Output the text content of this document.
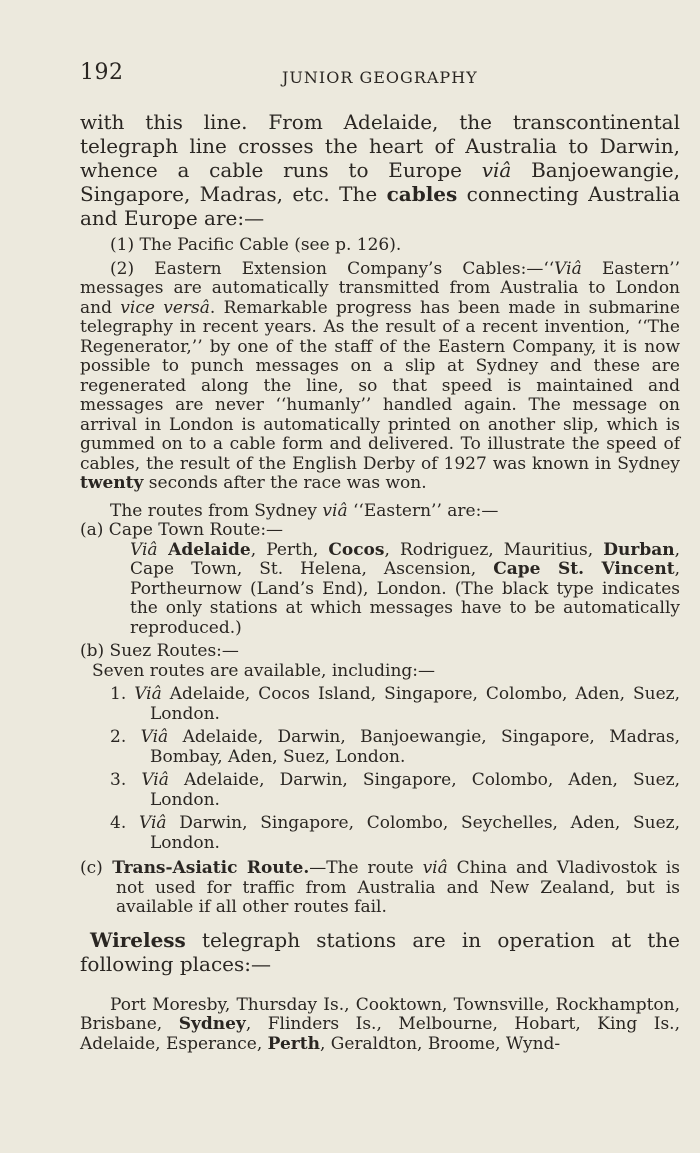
192	JUNIOR GEOGRAPHY

with this line. From Adelaide, the transcontinental telegraph line crosses the heart of Australia to Darwin, whence a cable runs to Europe viâ Banjoewangie, Singapore, Madras, etc. The cables connecting Australia and Europe are:—

(1) The Pacific Cable (see p. 126).

(2) Eastern Extension Company’s Cables:—‘‘Viâ Eastern’’ messages are automatically transmitted from Australia to London and vice versâ. Remarkable progress has been made in submarine telegraphy in recent years. As the result of a recent invention, ‘‘The Regenerator,’’ by one of the staff of the Eastern Company, it is now possible to punch messages on a slip at Sydney and these are regenerated along the line, so that speed is maintained and messages are never ‘‘humanly’’ handled again. The message on arrival in London is automatically printed on another slip, which is gummed on to a cable form and delivered. To illustrate the speed of cables, the result of the English Derby of 1927 was known in Sydney twenty seconds after the race was won.

The routes from Sydney viâ ‘‘Eastern’’ are:—

(a) Cape Town Route:—

Viâ Adelaide, Perth, Cocos, Rodriguez, Mauritius, Durban, Cape Town, St. Helena, Ascension, Cape St. Vincent, Portheurnow (Land’s End), London. (The black type indicates the only stations at which messages have to be automatically reproduced.)

(b) Suez Routes:—

Seven routes are available, including:—

1. Viâ Adelaide, Cocos Island, Singapore, Colombo, Aden, Suez, London.
2. Viâ Adelaide, Darwin, Banjoewangie, Singapore, Madras, Bombay, Aden, Suez, London.
3. Viâ Adelaide, Darwin, Singapore, Colombo, Aden, Suez, London.
4. Viâ Darwin, Singapore, Colombo, Seychelles, Aden, Suez, London.

(c) Trans-Asiatic Route.—The route viâ China and Vladivostok is not used for traffic from Australia and New Zealand, but is available if all other routes fail.

Wireless telegraph stations are in operation at the following places:—

Port Moresby, Thursday Is., Cooktown, Townsville, Rockhampton, Brisbane, Sydney, Flinders Is., Melbourne, Hobart, King Is., Adelaide, Esperance, Perth, Geraldton, Broome, Wynd-
